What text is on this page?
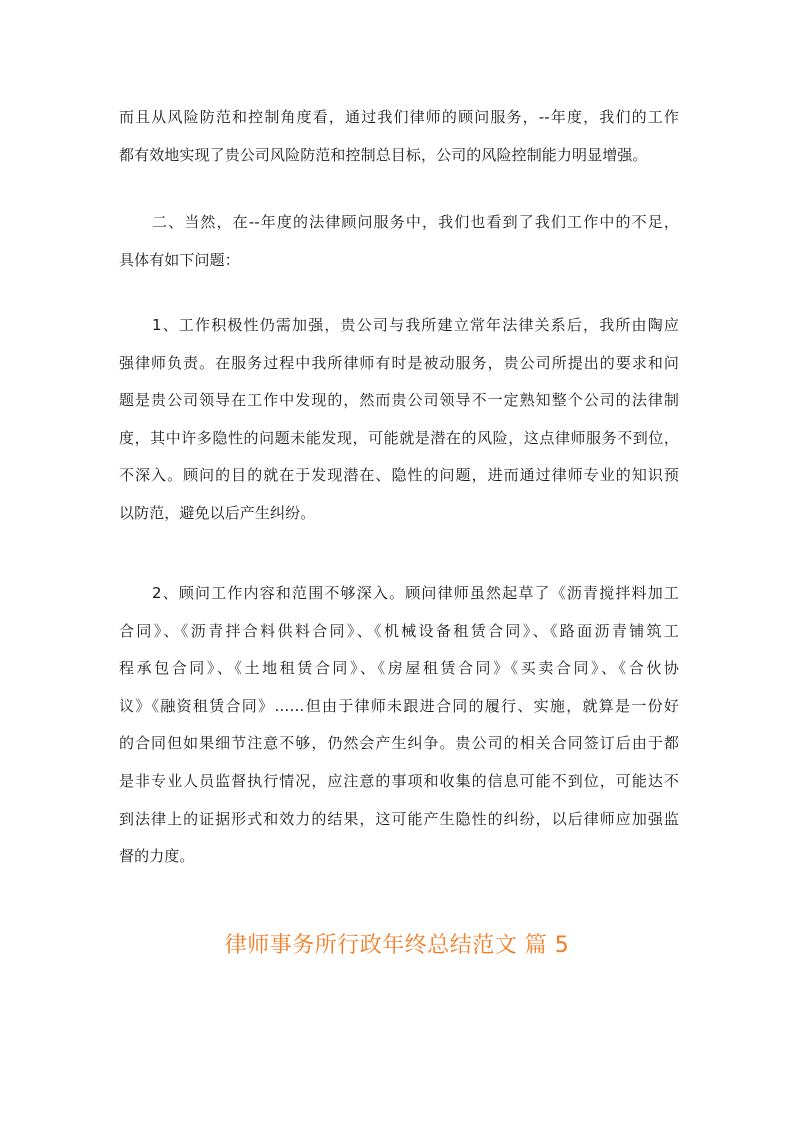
而且从风险防范和控制角度看，通过我们律师的顾问服务，--年度，我们的工作
都有效地实现了贵公司风险防范和控制总目标，公司的风险控制能力明显增强。
二、当然，在--年度的法律顾问服务中，我们也看到了我们工作中的不足，
具体有如下问题：
1、工作积极性仍需加强，贵公司与我所建立常年法律关系后，我所由陶应
强律师负责。在服务过程中我所律师有时是被动服务，贵公司所提出的要求和问
题是贵公司领导在工作中发现的，然而贵公司领导不一定熟知整个公司的法律制
度，其中许多隐性的问题未能发现，可能就是潜在的风险，这点律师服务不到位，
不深入。顾问的目的就在于发现潜在、隐性的问题，进而通过律师专业的知识预
以防范，避免以后产生纠纷。
2、顾问工作内容和范围不够深入。顾问律师虽然起草了《沥青搅拌料加工
合同》、《沥青拌合料供料合同》、《机械设备租赁合同》、《路面沥青铺筑工
程承包合同》、《土地租赁合同》、《房屋租赁合同》《买卖合同》、《合伙协
议》《融资租赁合同》……但由于律师未跟进合同的履行、实施，就算是一份好
的合同但如果细节注意不够，仍然会产生纠争。贵公司的相关合同签订后由于都
是非专业人员监督执行情况，应注意的事项和收集的信息可能不到位，可能达不
到法律上的证据形式和效力的结果，这可能产生隐性的纠纷，以后律师应加强监
督的力度。
律师事务所行政年终总结范文 篇 5
